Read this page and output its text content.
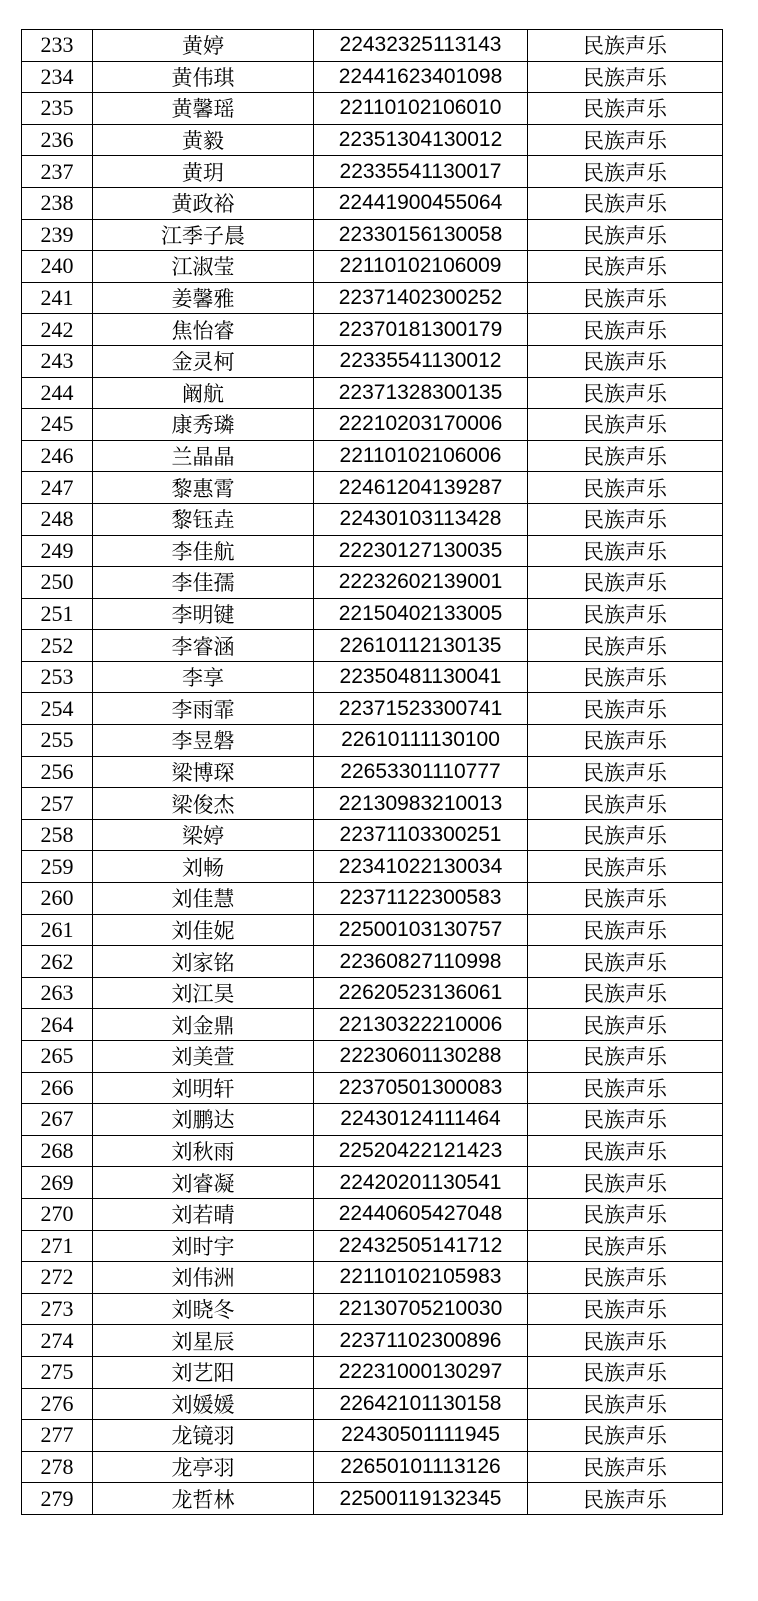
233	黄婷	22432325113143	民族声乐
234	黄伟琪	22441623401098	民族声乐
235	黄馨瑶	22110102106010	民族声乐
236	黄毅	22351304130012	民族声乐
237	黄玥	22335541130017	民族声乐
238	黄政裕	22441900455064	民族声乐
239	江季子晨	22330156130058	民族声乐
240	江淑莹	22110102106009	民族声乐
241	姜馨雅	22371402300252	民族声乐
242	焦怡睿	22370181300179	民族声乐
243	金灵柯	22335541130012	民族声乐
244	阚航	22371328300135	民族声乐
245	康秀璘	22210203170006	民族声乐
246	兰晶晶	22110102106006	民族声乐
247	黎惠霄	22461204139287	民族声乐
248	黎钰垚	22430103113428	民族声乐
249	李佳航	22230127130035	民族声乐
250	李佳孺	22232602139001	民族声乐
251	李明键	22150402133005	民族声乐
252	李睿涵	22610112130135	民族声乐
253	李享	22350481130041	民族声乐
254	李雨霏	22371523300741	民族声乐
255	李昱磐	22610111130100	民族声乐
256	梁博琛	22653301110777	民族声乐
257	梁俊杰	22130983210013	民族声乐
258	梁婷	22371103300251	民族声乐
259	刘畅	22341022130034	民族声乐
260	刘佳慧	22371122300583	民族声乐
261	刘佳妮	22500103130757	民族声乐
262	刘家铭	22360827110998	民族声乐
263	刘江昊	22620523136061	民族声乐
264	刘金鼎	22130322210006	民族声乐
265	刘美萱	22230601130288	民族声乐
266	刘明轩	22370501300083	民族声乐
267	刘鹏达	22430124111464	民族声乐
268	刘秋雨	22520422121423	民族声乐
269	刘睿凝	22420201130541	民族声乐
270	刘若晴	22440605427048	民族声乐
271	刘时宇	22432505141712	民族声乐
272	刘伟洲	22110102105983	民族声乐
273	刘晓冬	22130705210030	民族声乐
274	刘星辰	22371102300896	民族声乐
275	刘艺阳	22231000130297	民族声乐
276	刘媛媛	22642101130158	民族声乐
277	龙镜羽	22430501111945	民族声乐
278	龙亭羽	22650101113126	民族声乐
279	龙哲林	22500119132345	民族声乐
